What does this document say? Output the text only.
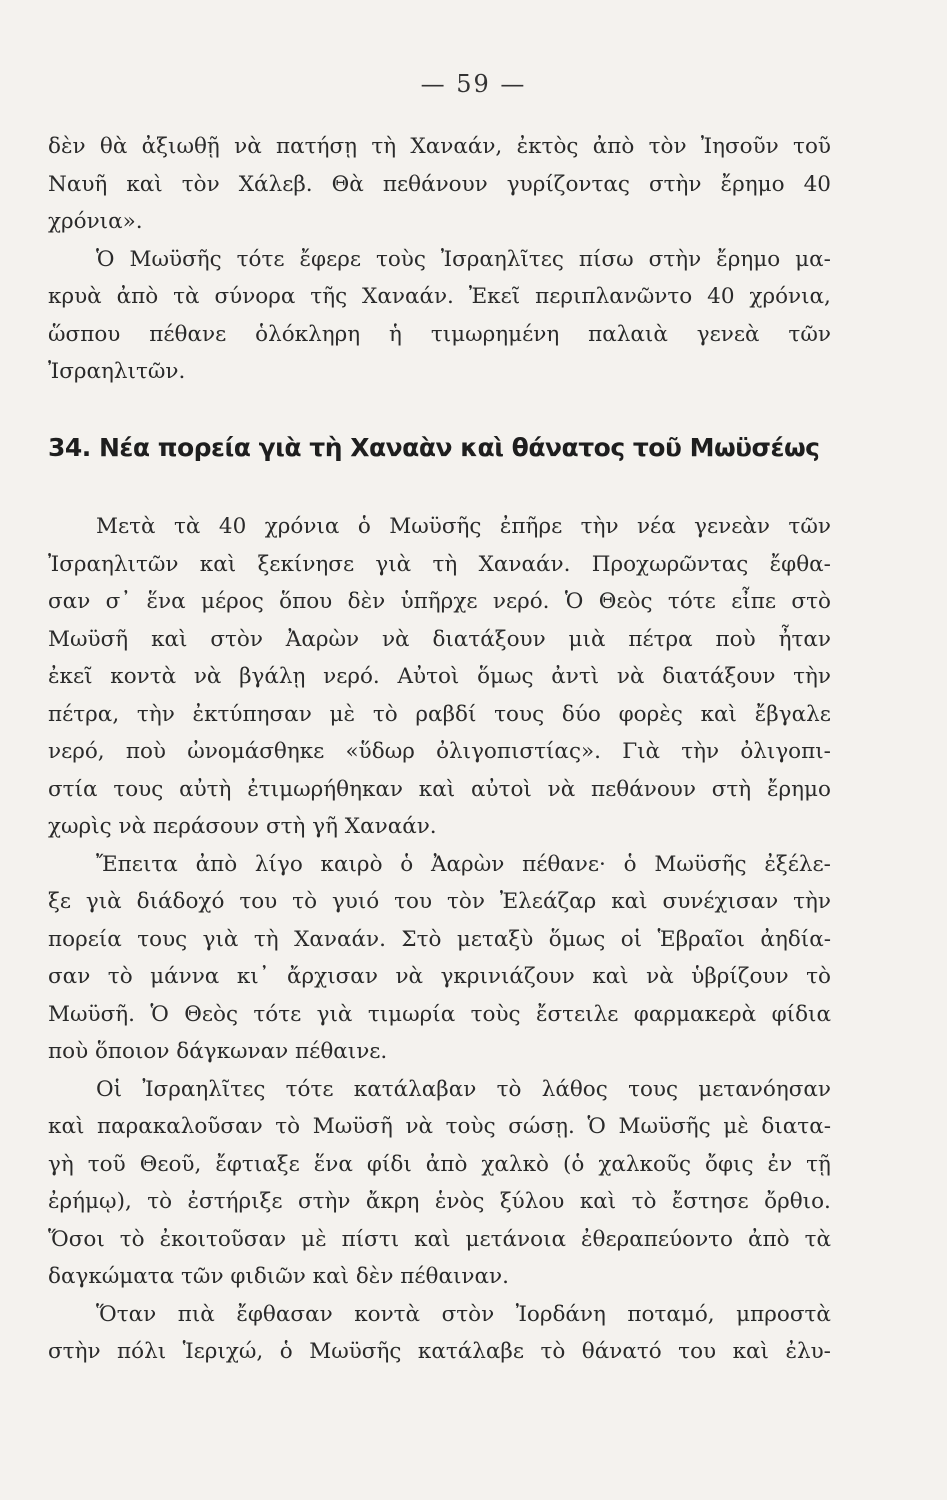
— 59 —
δὲν θὰ ἀξιωθῇ νὰ πατήσῃ τὴ Χαναάν, ἐκτὸς ἀπὸ τὸν Ἰησοῦν τοῦ
Ναυῆ καὶ τὸν Χάλεβ. Θὰ πεθάνουν γυρίζοντας στὴν ἔρημο 40
χρόνια».
Ὁ Μωϋσῆς τότε ἔφερε τοὺς Ἰσραηλῖτες πίσω στὴν ἔρημο μα-
κρυὰ ἀπὸ τὰ σύνορα τῆς Χαναάν. Ἐκεῖ περιπλανῶντο 40 χρόνια,
ὥσπου πέθανε ὁλόκληρη ἡ τιμωρημένη παλαιὰ γενεὰ τῶν
Ἰσραηλιτῶν.
34. Νέα πορεία γιὰ τὴ Χαναὰν καὶ θάνατος τοῦ Μωϋσέως
Μετὰ τὰ 40 χρόνια ὁ Μωϋσῆς ἐπῆρε τὴν νέα γενεὰν τῶν
Ἰσραηλιτῶν καὶ ξεκίνησε γιὰ τὴ Χαναάν. Προχωρῶντας ἔφθα-
σαν σ᾽ ἕνα μέρος ὅπου δὲν ὑπῆρχε νερό. Ὁ Θεὸς τότε εἶπε στὸ
Μωϋσῆ καὶ στὸν Ἀαρὼν νὰ διατάξουν μιὰ πέτρα ποὺ ἦταν
ἐκεῖ κοντὰ νὰ βγάλῃ νερό. Αὐτοὶ ὅμως ἀντὶ νὰ διατάξουν τὴν
πέτρα, τὴν ἐκτύπησαν μὲ τὸ ραβδί τους δύο φορὲς καὶ ἔβγαλε
νερό, ποὺ ὠνομάσθηκε «ὕδωρ ὀλιγοπιστίας». Γιὰ τὴν ὀλιγοπι-
στία τους αὐτὴ ἐτιμωρήθηκαν καὶ αὐτοὶ νὰ πεθάνουν στὴ ἔρημο
χωρὶς νὰ περάσουν στὴ γῆ Χαναάν.
Ἔπειτα ἀπὸ λίγο καιρὸ ὁ Ἀαρὼν πέθανε· ὁ Μωϋσῆς ἐξέλε-
ξε γιὰ διάδοχό του τὸ γυιό του τὸν Ἐλεάζαρ καὶ συνέχισαν τὴν
πορεία τους γιὰ τὴ Χαναάν. Στὸ μεταξὺ ὅμως οἱ Ἑβραῖοι ἀηδία-
σαν τὸ μάννα κι᾽ ἄρχισαν νὰ γκρινιάζουν καὶ νὰ ὑβρίζουν τὸ
Μωϋσῆ. Ὁ Θεὸς τότε γιὰ τιμωρία τοὺς ἔστειλε φαρμακερὰ φίδια
ποὺ ὅποιον δάγκωναν πέθαινε.
Οἱ Ἰσραηλῖτες τότε κατάλαβαν τὸ λάθος τους μετανόησαν
καὶ παρακαλοῦσαν τὸ Μωϋσῆ νὰ τοὺς σώσῃ. Ὁ Μωϋσῆς μὲ διατα-
γὴ τοῦ Θεοῦ, ἔφτιαξε ἕνα φίδι ἀπὸ χαλκὸ (ὁ χαλκοῦς ὄφις ἐν τῇ
ἐρήμῳ), τὸ ἐστήριξε στὴν ἄκρη ἑνὸς ξύλου καὶ τὸ ἔστησε ὄρθιο.
Ὅσοι τὸ ἐκοιτοῦσαν μὲ πίστι καὶ μετάνοια ἐθεραπεύοντο ἀπὸ τὰ
δαγκώματα τῶν φιδιῶν καὶ δὲν πέθαιναν.
Ὅταν πιὰ ἔφθασαν κοντὰ στὸν Ἰορδάνη ποταμό, μπροστὰ
στὴν πόλι Ἱεριχώ, ὁ Μωϋσῆς κατάλαβε τὸ θάνατό του καὶ ἐλυ-
